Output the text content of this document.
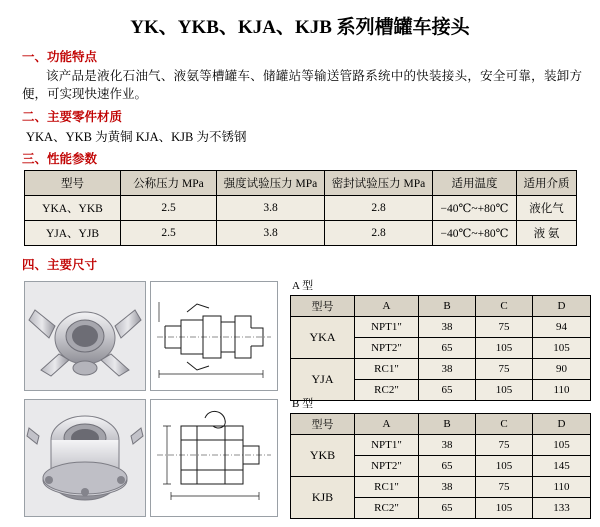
YK、YKB、KJA、KJB 系列槽罐车接头
一、功能特点
该产品是液化石油气、液氨等槽罐车、储罐站等输送管路系统中的快装接头，安全可靠，装卸方便，可实现快速作业。
二、主要零件材质
YKA、YKB 为黄铜 KJA、KJB 为不锈钢
三、性能参数
型号	公称压力 MPa	强度试验压力 MPa	密封试验压力 MPa	适用温度	适用介质
YKA、YKB	2.5	3.8	2.8	−40℃~+80℃	液化气
YJA、YJB	2.5	3.8	2.8	−40℃~+80℃	液 氨
四、主要尺寸
A 型
型号	A	B	C	D
YKA	NPT1"	38	75	94
	NPT2"	65	105	105
YJA	RC1"	38	75	90
	RC2"	65	105	110
B 型
型号	A	B	C	D
YKB	NPT1"	38	75	105
	NPT2"	65	105	145
KJB	RC1"	38	75	110
	RC2"	65	105	133
